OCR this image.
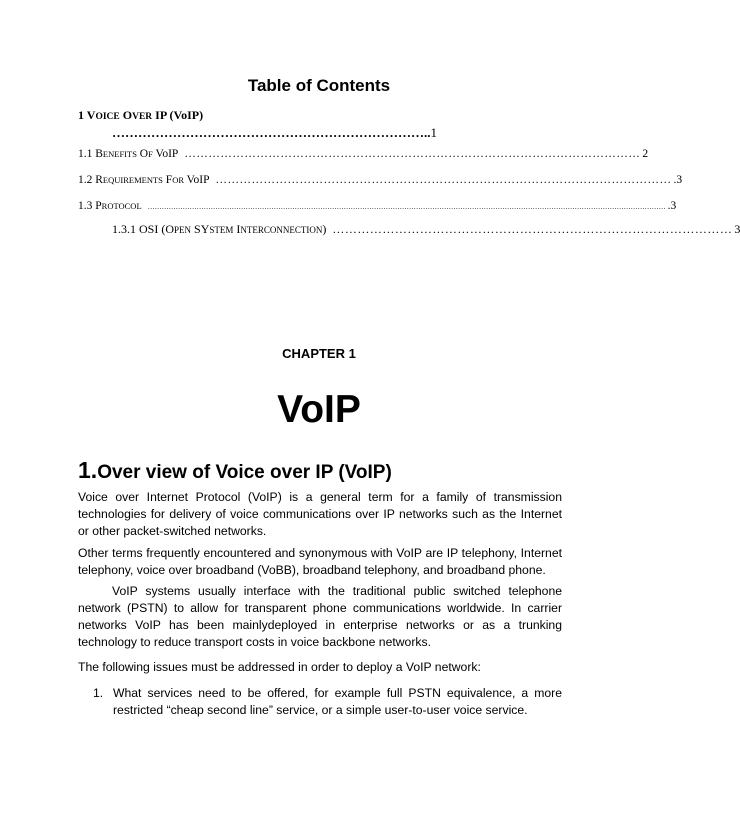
Table of Contents
1 VOICE OVER IP (VoIP)
………………………………………………………………..1
1.1 BENEFITS OF VoIP …………………………………………………………………………………………………… 2
1.2 REQUIREMENTS FOR VoIP …………………………………………………………………………………………………… .3
1.3 PROTOCOL …………………………………………………………………………………………………………………………………………………………………………………………………… .3
1.3.1 OSI (OPEN SYSTEM INTERCONNECTION) …………………………………………………………………………………… 3
CHAPTER 1
VoIP
1.Over view of Voice over IP (VoIP)
Voice over Internet Protocol (VoIP) is a general term for a family of transmission technologies for delivery of voice communications over IP networks such as the Internet or other packet-switched networks.
Other terms frequently encountered and synonymous with VoIP are IP telephony, Internet telephony, voice over broadband (VoBB), broadband telephony, and broadband phone.
VoIP systems usually interface with the traditional public switched telephone network (PSTN) to allow for transparent phone communications worldwide. In carrier networks VoIP has been mainlydeployed in enterprise networks or as a trunking technology to reduce transport costs in voice backbone networks.
The following issues must be addressed in order to deploy a VoIP network:
1. What services need to be offered, for example full PSTN equivalence, a more restricted “cheap second line” service, or a simple user-to-user voice service.
